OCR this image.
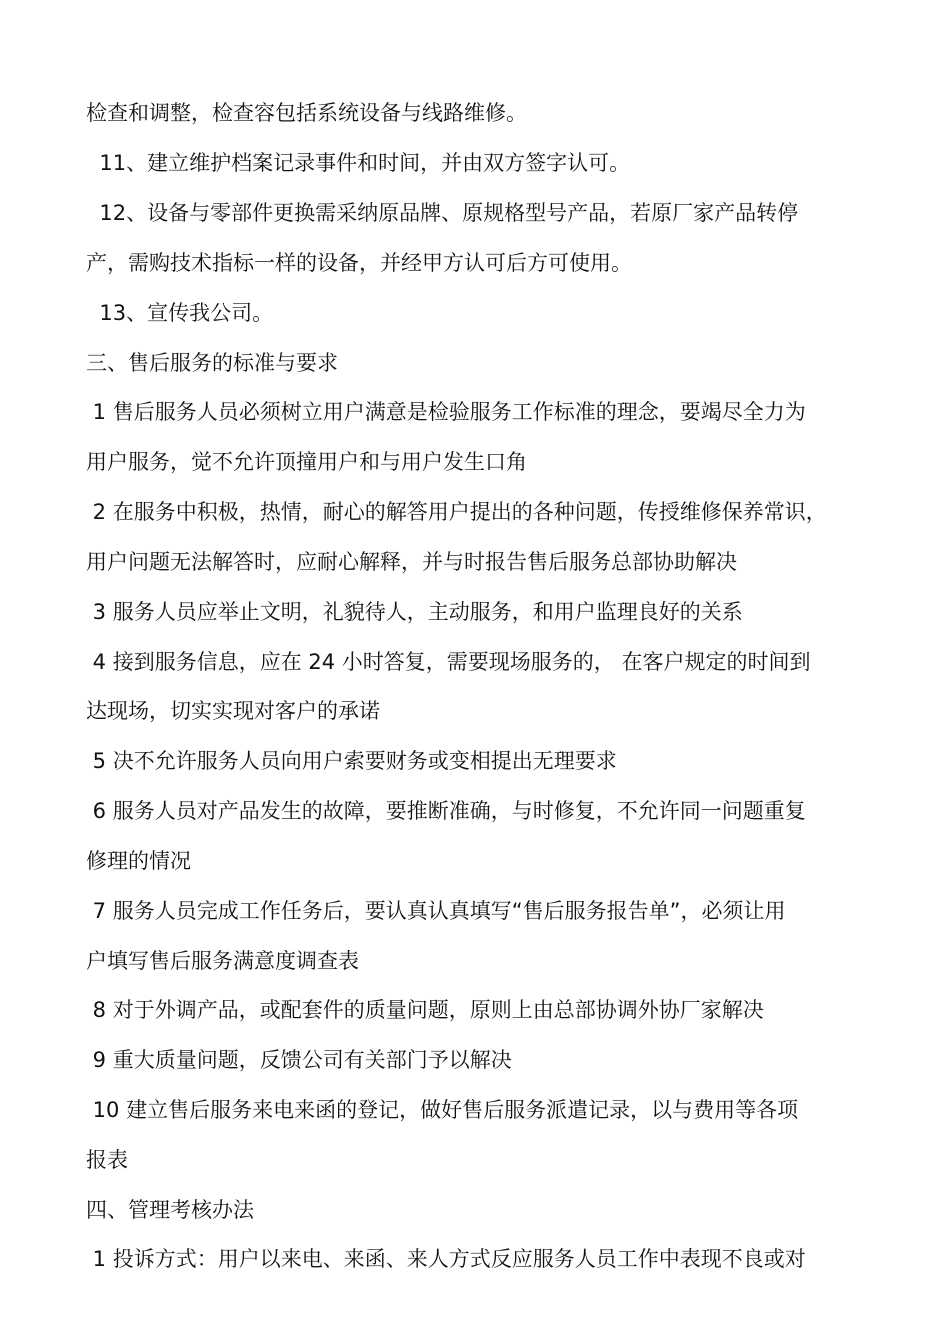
检查和调整，检查容包括系统设备与线路维修。
11、建立维护档案记录事件和时间，并由双方签字认可。
12、设备与零部件更换需采纳原品牌、原规格型号产品，若原厂家产品转停
产，需购技术指标一样的设备，并经甲方认可后方可使用。
13、宣传我公司。
三、售后服务的标准与要求
1 售后服务人员必须树立用户满意是检验服务工作标准的理念，要竭尽全力为
用户服务，觉不允许顶撞用户和与用户发生口角
2 在服务中积极，热情，耐心的解答用户提出的各种问题，传授维修保养常识，
用户问题无法解答时，应耐心解释，并与时报告售后服务总部协助解决
3 服务人员应举止文明，礼貌待人，主动服务，和用户监理良好的关系
4 接到服务信息，应在 24 小时答复，需要现场服务的， 在客户规定的时间到
达现场，切实实现对客户的承诺
5 决不允许服务人员向用户索要财务或变相提出无理要求
6 服务人员对产品发生的故障，要推断准确，与时修复，不允许同一问题重复
修理的情况
7 服务人员完成工作任务后，要认真认真填写“售后服务报告单”，必须让用
户填写售后服务满意度调查表
8 对于外调产品，或配套件的质量问题，原则上由总部协调外协厂家解决
9 重大质量问题，反馈公司有关部门予以解决
10 建立售后服务来电来函的登记，做好售后服务派遣记录，以与费用等各项
报表
四、管理考核办法
1 投诉方式：用户以来电、来函、来人方式反应服务人员工作中表现不良或对
